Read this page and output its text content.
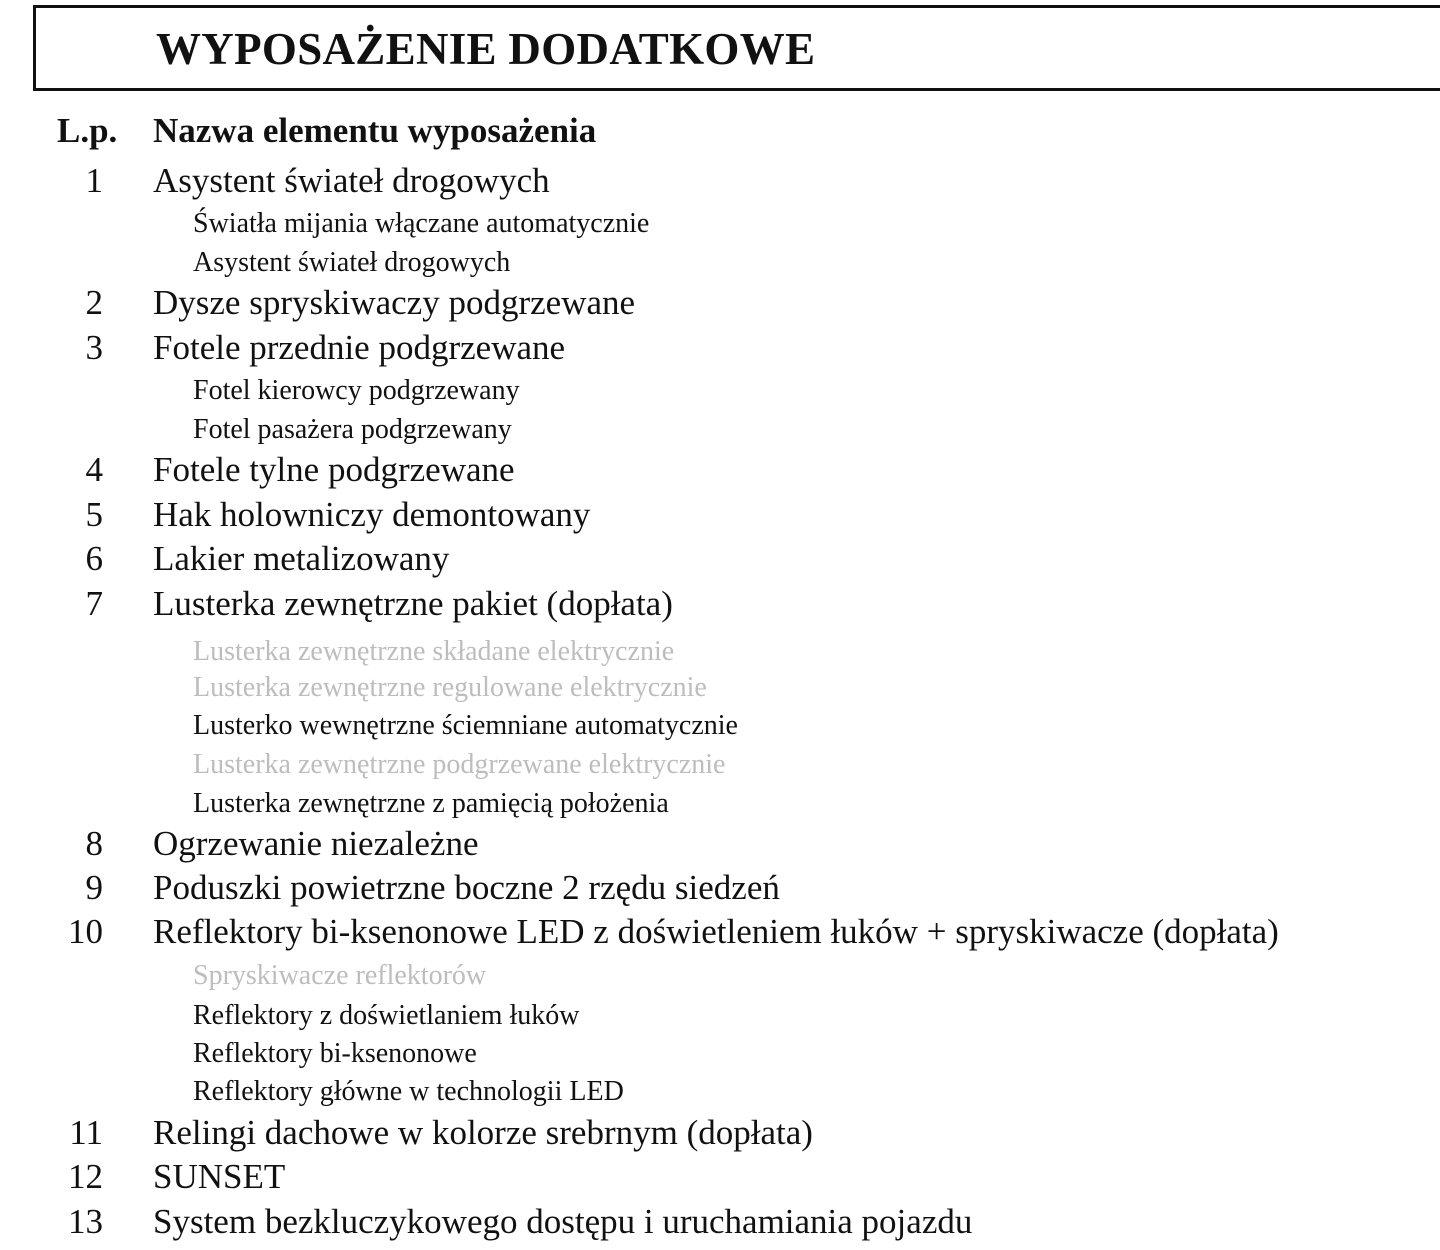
WYPOSAŻENIE DODATKOWE
L.p. Nazwa elementu wyposażenia
1 Asystent świateł drogowych
Światła mijania włączane automatycznie
Asystent świateł drogowych
2 Dysze spryskiwaczy podgrzewane
3 Fotele przednie podgrzewane
Fotel kierowcy podgrzewany
Fotel pasażera podgrzewany
4 Fotele tylne podgrzewane
5 Hak holowniczy demontowany
6 Lakier metalizowany
7 Lusterka zewnętrzne pakiet (dopłata)
Lusterka zewnętrzne składane elektrycznie
Lusterka zewnętrzne regulowane elektrycznie
Lusterko wewnętrzne ściemniane automatycznie
Lusterka zewnętrzne podgrzewane elektrycznie
Lusterka zewnętrzne z pamięcią położenia
8 Ogrzewanie niezależne
9 Poduszki powietrzne boczne 2 rzędu siedzeń
10 Reflektory bi-ksenonowe LED z doświetleniem łuków + spryskiwacze (dopłata)
Spryskiwacze reflektorów
Reflektory z doświetlaniem łuków
Reflektory bi-ksenonowe
Reflektory główne w technologii LED
11 Relingi dachowe w kolorze srebrnym (dopłata)
12 SUNSET
13 System bezkluczykowego dostępu i uruchamiania pojazdu
